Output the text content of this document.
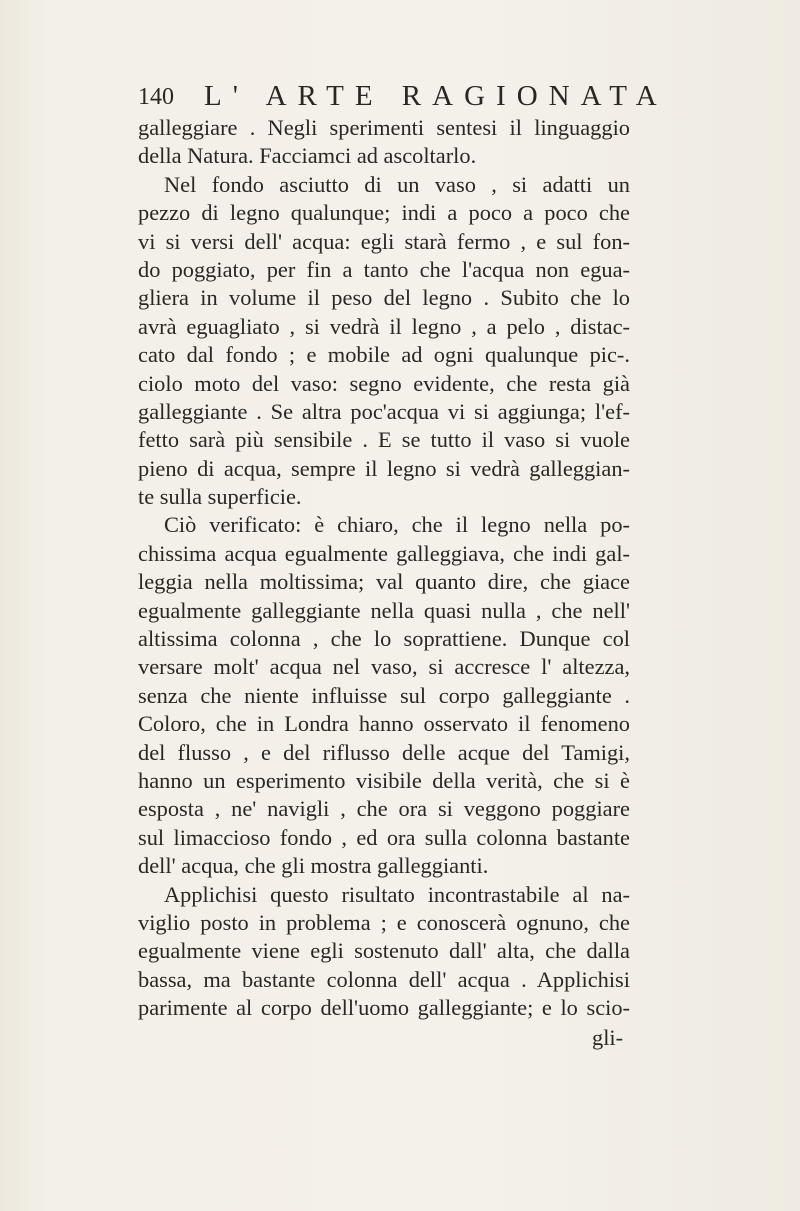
140 L' ARTE RAGIONATA
galleggiare . Negli sperimenti sentesi il linguaggio
della Natura. Facciamci ad ascoltarlo.
Nel fondo asciutto di un vaso , si adatti un
pezzo di legno qualunque; indi a poco a poco che
vi si versi dell' acqua: egli starà fermo , e sul fon-
do poggiato, per fin a tanto che l'acqua non egua-
gliera in volume il peso del legno . Subito che lo
avrà eguagliato , si vedrà il legno , a pelo , distac-
cato dal fondo ; e mobile ad ogni qualunque pic-.
ciolo moto del vaso: segno evidente, che resta già
galleggiante . Se altra poc'acqua vi si aggiunga; l'ef-
fetto sarà più sensibile . E se tutto il vaso si vuole
pieno di acqua, sempre il legno si vedrà galleggian-
te sulla superficie.
Ciò verificato: è chiaro, che il legno nella po-
chissima acqua egualmente galleggiava, che indi gal-
leggia nella moltissima; val quanto dire, che giace
egualmente galleggiante nella quasi nulla , che nell'
altissima colonna , che lo soprattiene. Dunque col
versare molt' acqua nel vaso, si accresce l' altezza,
senza che niente influisse sul corpo galleggiante .
Coloro, che in Londra hanno osservato il fenomeno
del flusso , e del riflusso delle acque del Tamigi,
hanno un esperimento visibile della verità, che si è
esposta , ne' navigli , che ora si veggono poggiare
sul limaccioso fondo , ed ora sulla colonna bastante
dell' acqua, che gli mostra galleggianti.
Applichisi questo risultato incontrastabile al na-
viglio posto in problema ; e conoscerà ognuno, che
egualmente viene egli sostenuto dall' alta, che dalla
bassa, ma bastante colonna dell' acqua . Applichisi
parimente al corpo dell'uomo galleggiante; e lo scio-
gli-
